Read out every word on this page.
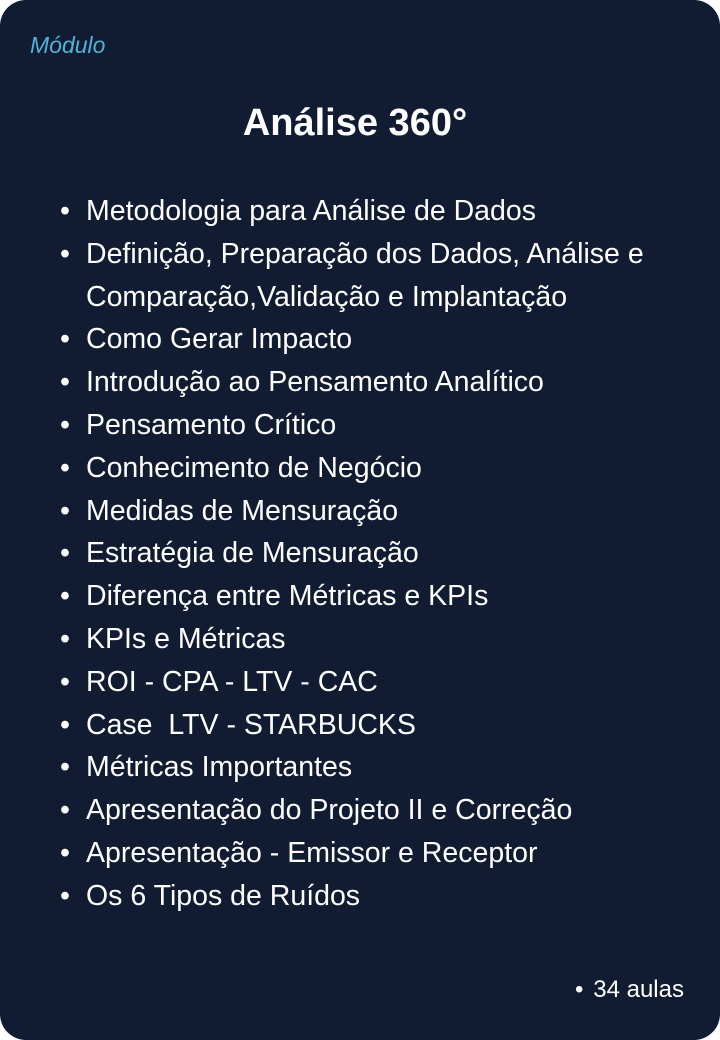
Módulo
Análise 360°
• Metodologia para Análise de Dados
• Definição, Preparação dos Dados, Análise e Comparação,Validação e Implantação
• Como Gerar Impacto
• Introdução ao Pensamento Analítico
• Pensamento Crítico
• Conhecimento de Negócio
• Medidas de Mensuração
• Estratégia de Mensuração
• Diferença entre Métricas e KPIs
• KPIs e Métricas
• ROI - CPA - LTV - CAC
• Case  LTV - STARBUCKS
• Métricas Importantes
• Apresentação do Projeto II e Correção
• Apresentação - Emissor e Receptor
• Os 6 Tipos de Ruídos
• 34 aulas
